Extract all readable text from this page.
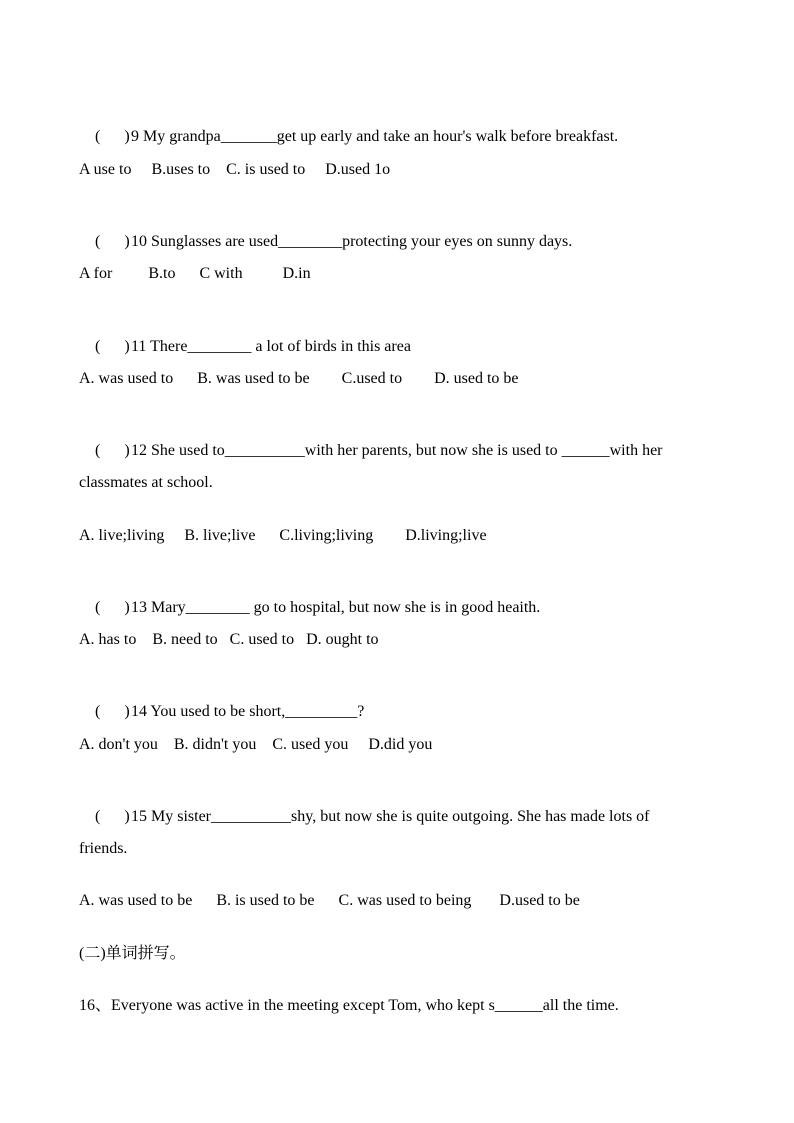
(      )9 My grandpa_______get up early and take an hour's walk before breakfast.

A use to     B.uses to    C. is used to     D.used 1o

(      )10 Sunglasses are used________protecting your eyes on sunny days.

A for         B.to      C with          D.in

(      )11 There________ a lot of birds in this area

A. was used to      B. was used to be        C.used to        D. used to be

(      )12 She used to__________with her parents, but now she is used to ______with her

classmates at school.
A. live;living     B. live;live      C.living;living        D.living;live

(      )13 Mary________ go to hospital, but now she is in good heaith.

A. has to    B. need to   C. used to   D. ought to

(      )14 You used to be short,_________?

A. don't you    B. didn't you    C. used you     D.did you

(      )15 My sister__________shy, but now she is quite outgoing. She has made lots of

friends.
A. was used to be      B. is used to be      C. was used to being       D.used to be
(二)单词拼写。
16、Everyone was active in the meeting except Tom, who kept s______all the time.
